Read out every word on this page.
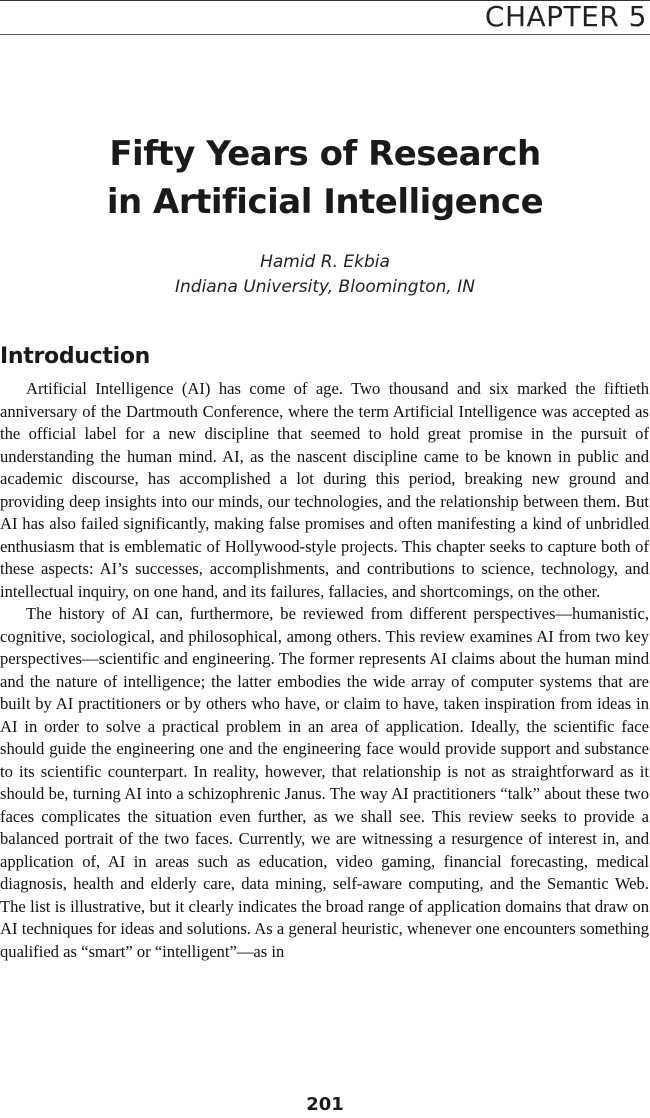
CHAPTER 5
Fifty Years of Research
in Artificial Intelligence
Hamid R. Ekbia
Indiana University, Bloomington, IN
Introduction

Artificial Intelligence (AI) has come of age. Two thousand and six marked the fiftieth anniversary of the Dartmouth Conference, where the term Artificial Intelligence was accepted as the official label for a new discipline that seemed to hold great promise in the pursuit of understanding the human mind. AI, as the nascent discipline came to be known in public and academic discourse, has accomplished a lot during this period, breaking new ground and providing deep insights into our minds, our technologies, and the relationship between them. But AI has also failed significantly, making false promises and often manifesting a kind of unbridled enthusiasm that is emblematic of Hollywood-style projects. This chapter seeks to capture both of these aspects: AI’s successes, accomplishments, and contributions to science, technology, and intellectual inquiry, on one hand, and its failures, fallacies, and shortcomings, on the other.

The history of AI can, furthermore, be reviewed from different perspectives—humanistic, cognitive, sociological, and philosophical, among others. This review examines AI from two key perspectives—scientific and engineering. The former represents AI claims about the human mind and the nature of intelligence; the latter embodies the wide array of computer systems that are built by AI practitioners or by others who have, or claim to have, taken inspiration from ideas in AI in order to solve a practical problem in an area of application. Ideally, the scientific face should guide the engineering one and the engineering face would provide support and substance to its scientific counterpart. In reality, however, that relationship is not as straightforward as it should be, turning AI into a schizophrenic Janus. The way AI practitioners “talk” about these two faces complicates the situation even further, as we shall see. This review seeks to provide a balanced portrait of the two faces. Currently, we are witnessing a resurgence of interest in, and application of, AI in areas such as education, video gaming, financial forecasting, medical diagnosis, health and elderly care, data mining, self-aware computing, and the Semantic Web. The list is illustrative, but it clearly indicates the broad range of application domains that draw on AI techniques for ideas and solutions. As a general heuristic, whenever one encounters something qualified as “smart” or “intelligent”—as in

201
